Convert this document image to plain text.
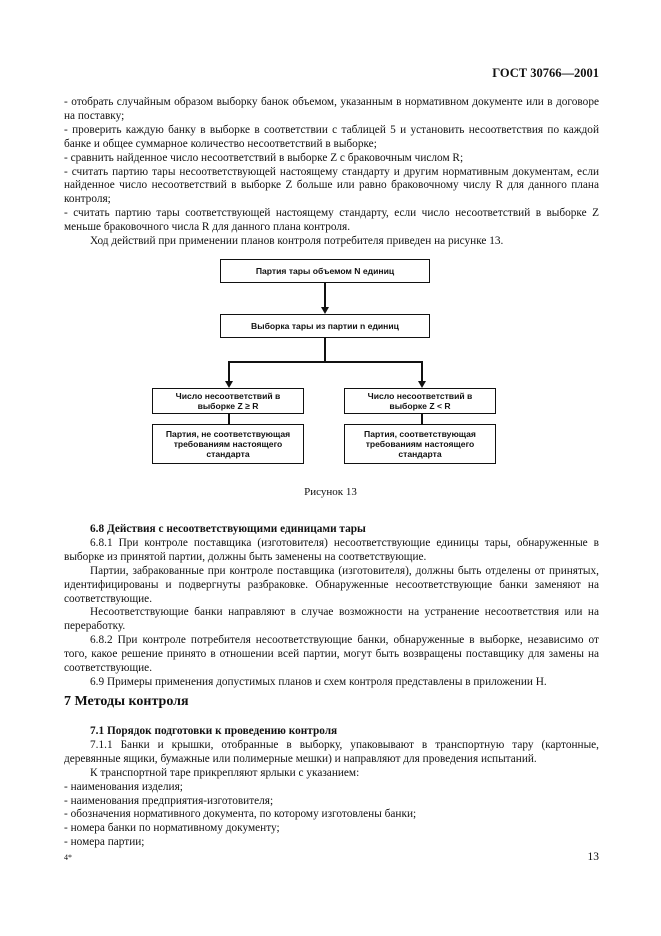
ГОСТ 30766—2001

- отобрать случайным образом выборку банок объемом, указанным в нормативном документе или в договоре на поставку;

- проверить каждую банку в выборке в соответствии с таблицей 5 и установить несоответствия по каждой банке и общее суммарное количество несоответствий в выборке;

- сравнить найденное число несоответствий в выборке Z с браковочным числом R;

- считать партию тары несоответствующей настоящему стандарту и другим нормативным документам, если найденное число несоответствий в выборке Z больше или равно браковочному числу R для данного плана контроля;

- считать партию тары соответствующей настоящему стандарту, если число несоответствий в выборке Z меньше браковочного числа R для данного плана контроля.

Ход действий при применении планов контроля потребителя приведен на рисунке 13.

Партия тары объемом N единиц
Выборка тары из партии n единиц
Число несоответствий в выборке Z ≥ R
Число несоответствий в выборке Z < R
Партия, не соответствующая требованиям настоящего стандарта
Партия, соответствующая требованиям настоящего стандарта
Рисунок 13

6.8 Действия с несоответствующими единицами тары

6.8.1 При контроле поставщика (изготовителя) несоответствующие единицы тары, обнаруженные в выборке из принятой партии, должны быть заменены на соответствующие.

Партии, забракованные при контроле поставщика (изготовителя), должны быть отделены от принятых, идентифицированы и подвергнуты разбраковке. Обнаруженные несоответствующие банки заменяют на соответствующие.

Несоответствующие банки направляют в случае возможности на устранение несоответствия или на переработку.

6.8.2 При контроле потребителя несоответствующие банки, обнаруженные в выборке, независимо от того, какое решение принято в отношении всей партии, могут быть возвращены поставщику для замены на соответствующие.

6.9 Примеры применения допустимых планов и схем контроля представлены в приложении Н.

7 Методы контроля

7.1 Порядок подготовки к проведению контроля

7.1.1 Банки и крышки, отобранные в выборку, упаковывают в транспортную тару (картонные, деревянные ящики, бумажные или полимерные мешки) и направляют для проведения испытаний.

К транспортной таре прикрепляют ярлыки с указанием:

- наименования изделия;

- наименования предприятия-изготовителя;

- обозначения нормативного документа, по которому изготовлены банки;

- номера банки по нормативному документу;

- номера партии;

4*	13
